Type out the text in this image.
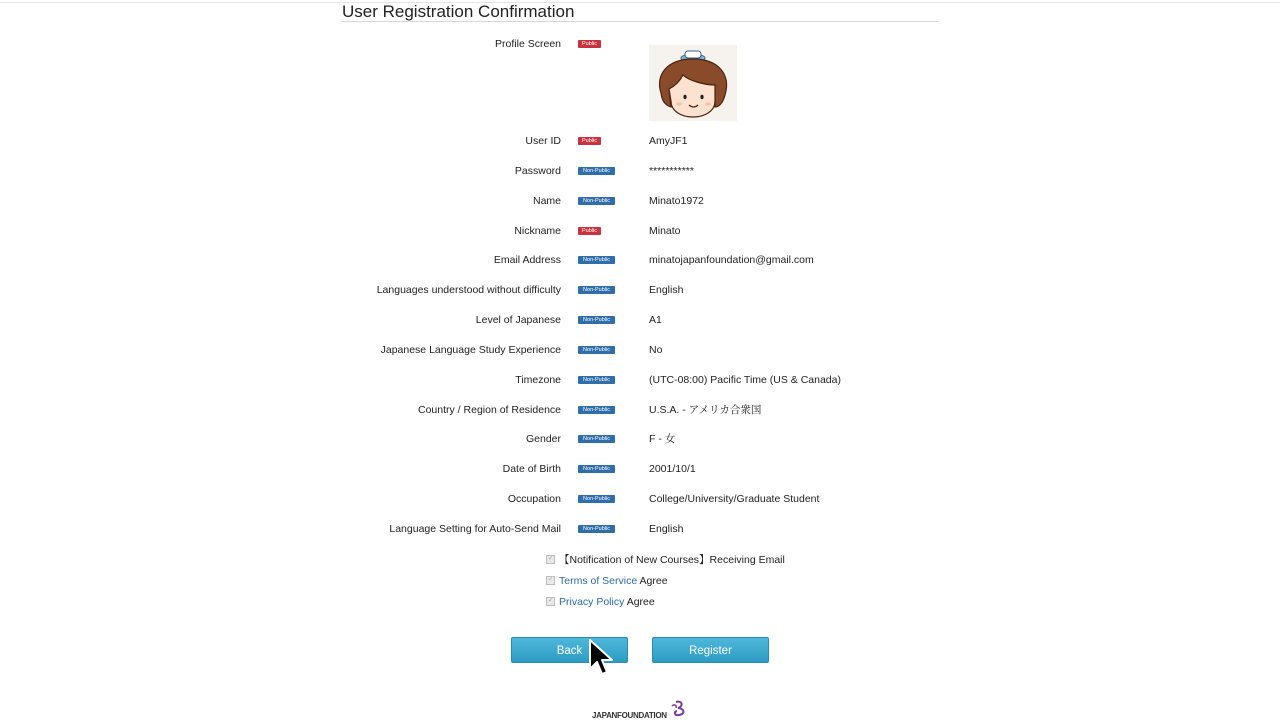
User Registration Confirmation
Profile Screen	Public
User ID	Public	AmyJF1
Password	Non-Public	***********
Name	Non-Public	Minato1972
Nickname	Public	Minato
Email Address	Non-Public	minatojapanfoundation@gmail.com
Languages understood without difficulty	Non-Public	English
Level of Japanese	Non-Public	A1
Japanese Language Study Experience	Non-Public	No
Timezone	Non-Public	(UTC-08:00) Pacific Time (US & Canada)
Country / Region of Residence	Non-Public	U.S.A. - アメリカ合衆国
Gender	Non-Public	F - 女
Date of Birth	Non-Public	2001/10/1
Occupation	Non-Public	College/University/Graduate Student
Language Setting for Auto-Send Mail	Non-Public	English
✓ 【Notification of New Courses】Receiving Email
✓ Terms of Service Agree
✓ Privacy Policy Agree
Back	Register
JAPANFOUNDATION
